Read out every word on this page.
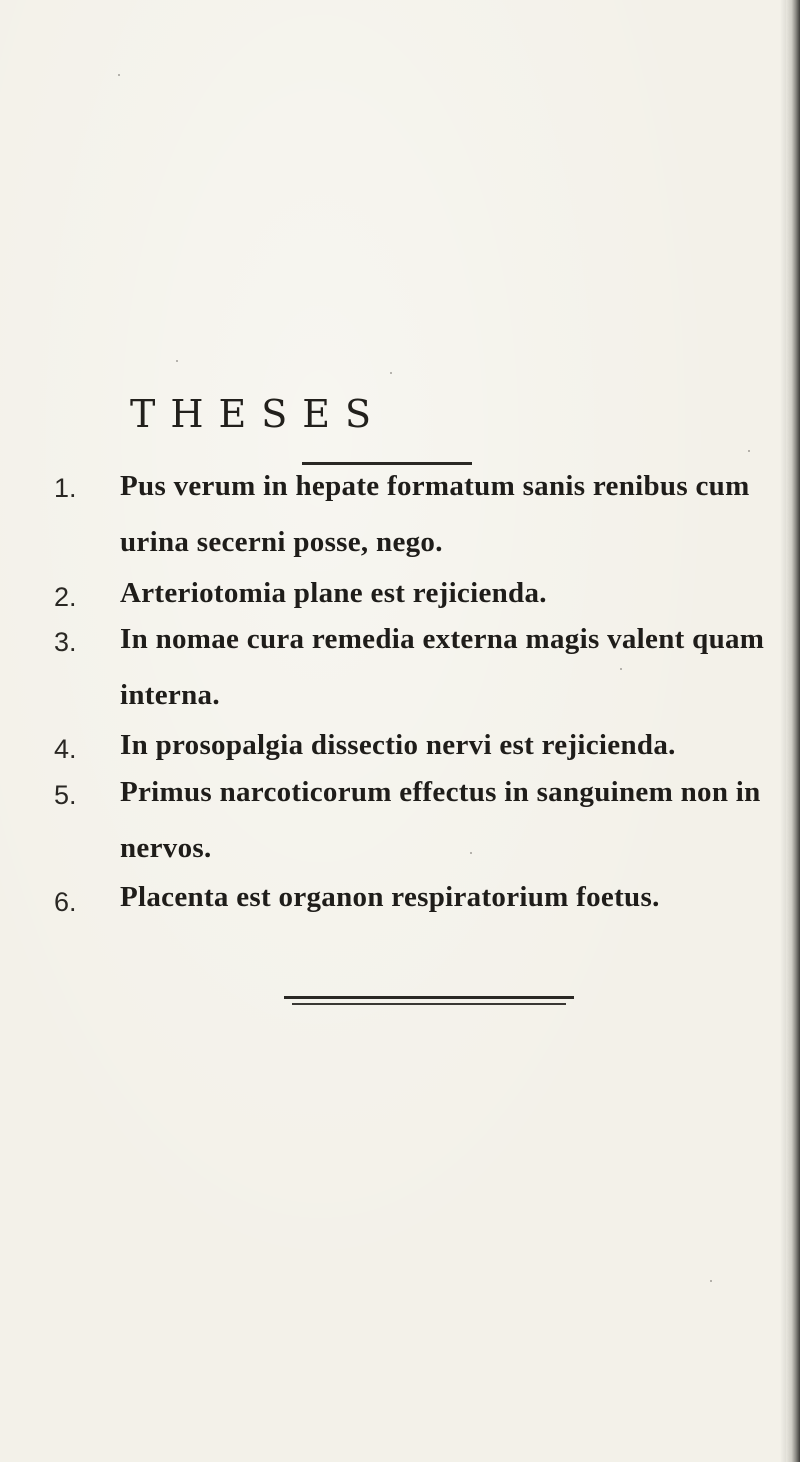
THESES
1. Pus verum in hepate formatum sanis renibus cum
urina secerni posse, nego.
2. Arteriotomia plane est rejicienda.
3. In nomae cura remedia externa magis valent quam
interna.
4. In prosopalgia dissectio nervi est rejicienda.
5. Primus narcoticorum effectus in sanguinem non in
nervos.
6. Placenta est organon respiratorium foetus.
